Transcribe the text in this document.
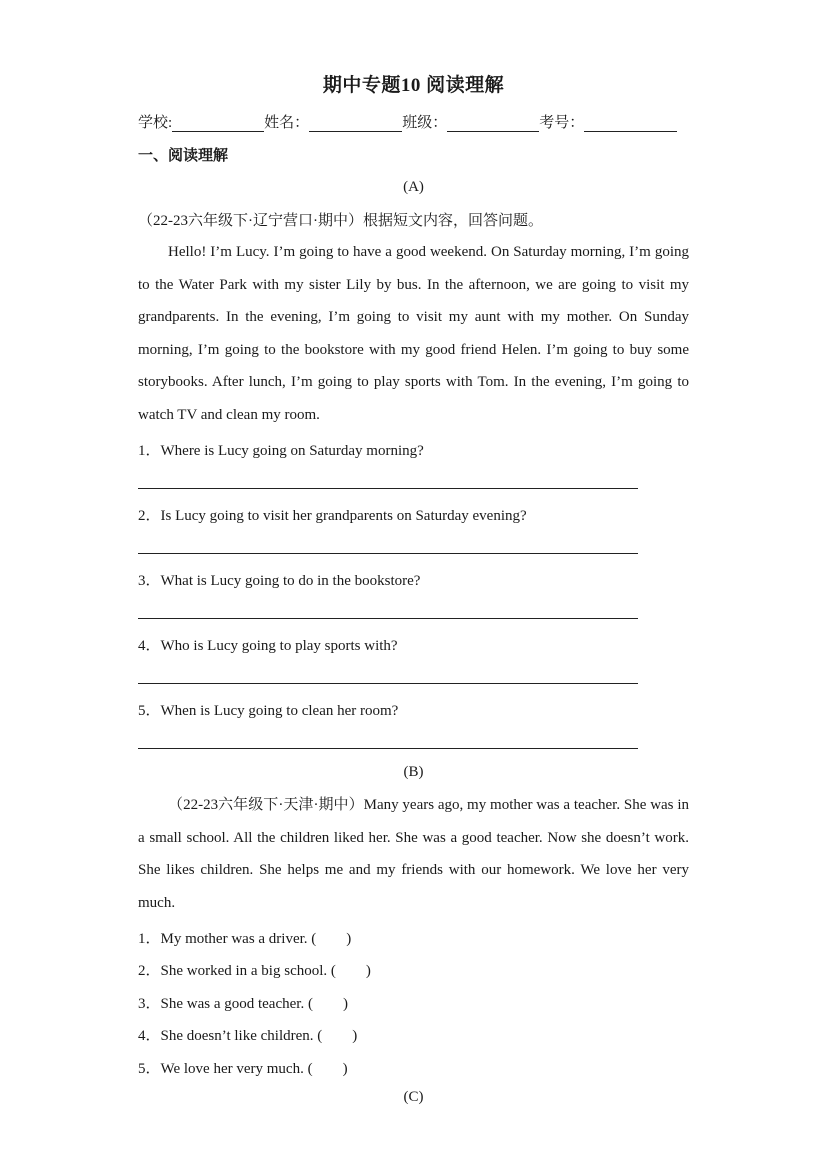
期中专题10 阅读理解
学校:	姓名：	班级：	考号：
一、阅读理解
(A)
（22-23六年级下·辽宁营口·期中）根据短文内容，回答问题。

Hello! I’m Lucy. I’m going to have a good weekend. On Saturday morning, I’m going to the Water Park with my sister Lily by bus. In the afternoon, we are going to visit my grandparents. In the evening, I’m going to visit my aunt with my mother. On Sunday morning, I’m going to the bookstore with my good friend Helen. I’m going to buy some storybooks. After lunch, I’m going to play sports with Tom. In the evening, I’m going to watch TV and clean my room.

1．Where is Lucy going on Saturday morning?
2．Is Lucy going to visit her grandparents on Saturday evening?
3．What is Lucy going to do in the bookstore?
4．Who is Lucy going to play sports with?
5．When is Lucy going to clean her room?
(B)

（22-23六年级下·天津·期中）Many years ago, my mother was a teacher. She was in a small school. All the children liked her. She was a good teacher. Now she doesn’t work. She likes children. She helps me and my friends with our homework. We love her very much.

1．My mother was a driver. ( )
2．She worked in a big school. ( )
3．She was a good teacher. ( )
4．She doesn’t like children. ( )
5．We love her very much. ( )
(C)
